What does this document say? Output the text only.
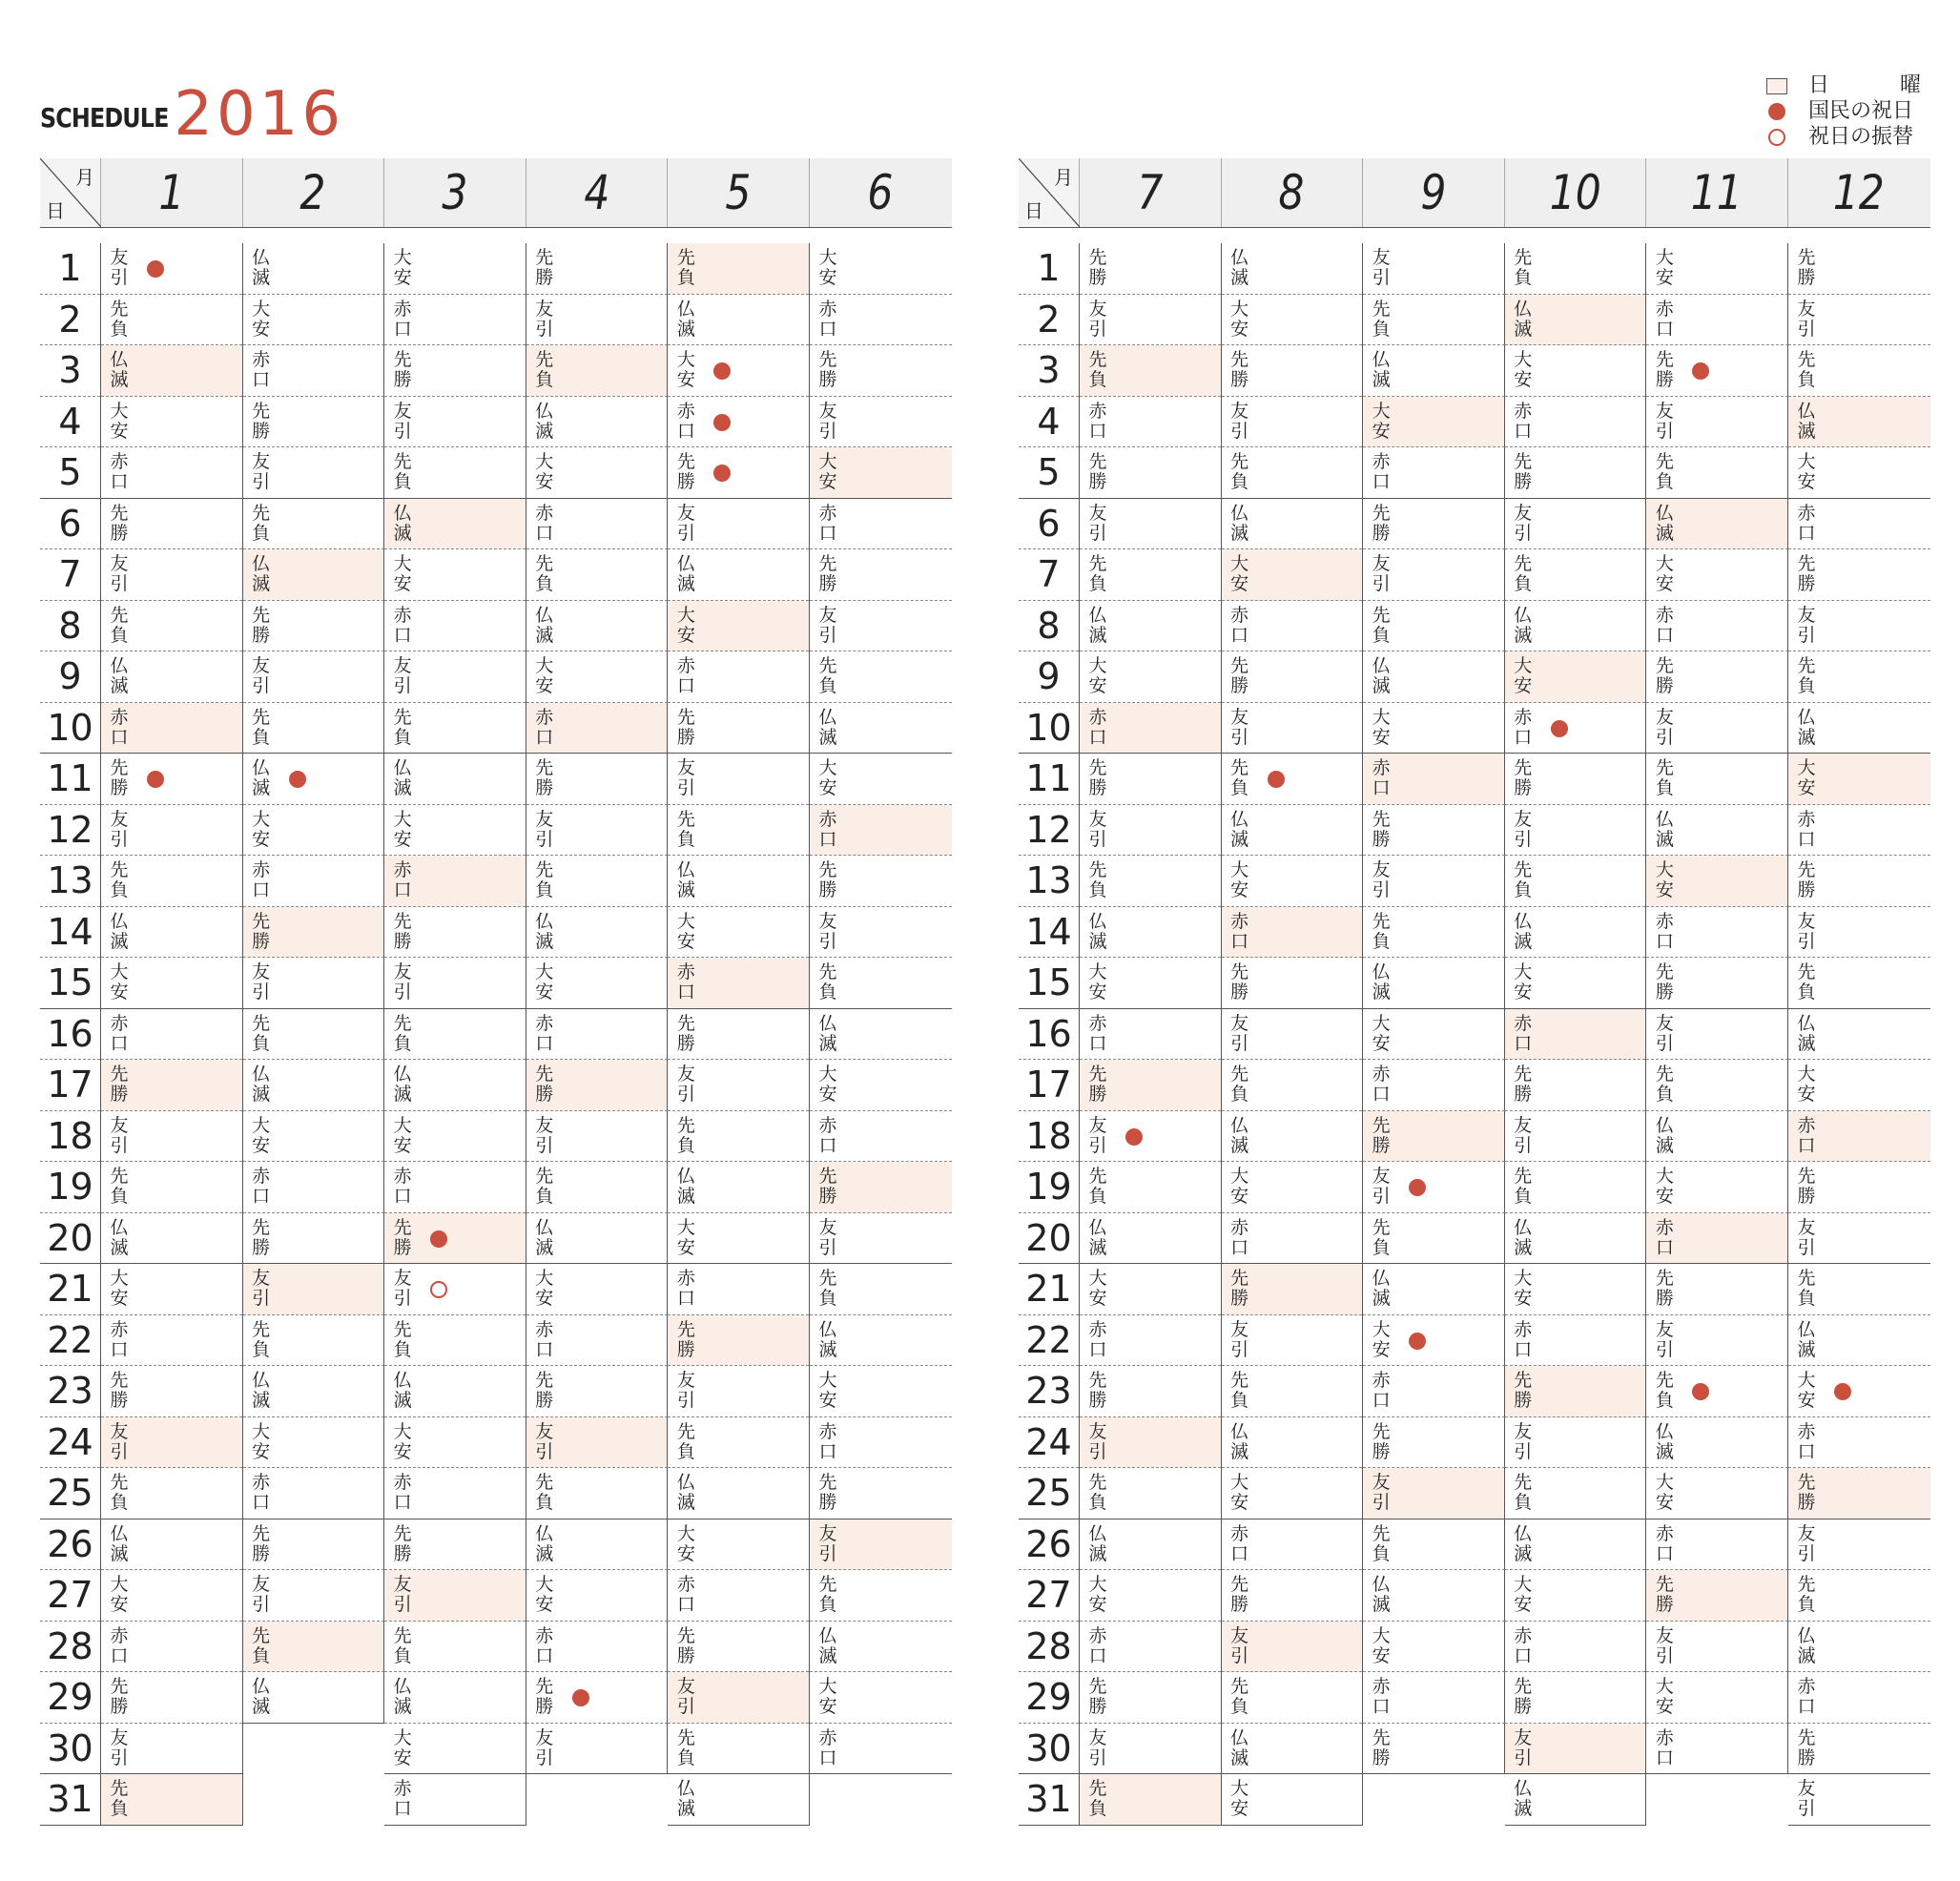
SCHEDULE 2016	日	曜
国民の祝日
祝日の振替
月
日 1 2 3 4 5 6
1
2
3
4
5
6
7
8
9
10
11
12
13
14
15
16
17
18
19
20
21
22
23
24
25
26
27
28
29
30
31
友
引
先
負
仏
滅
大
安
赤
口
先
勝
友
引
先
負
仏
滅
赤
口
先
勝
友
引
先
負
仏
滅
大
安
赤
口
先
勝
友
引
先
負
仏
滅
大
安
赤
口
先
勝
友
引
先
負
仏
滅
大
安
赤
口
先
勝
友
引
先
負
仏
滅
大
安
赤
口
先
勝
友
引
先
負
仏
滅
先
勝
友
引
先
負
仏
滅
大
安
赤
口
先
勝
友
引
先
負
仏
滅
大
安
赤
口
先
勝
友
引
先
負
仏
滅
大
安
赤
口
先
勝
友
引
先
負
仏
滅
大
安
赤
口
先
勝
友
引
先
負
仏
滅
大
安
赤
口
友
引
先
負
仏
滅
大
安
赤
口
先
勝
友
引
先
負
仏
滅
大
安
赤
口
先
勝
友
引
先
負
仏
滅
大
安
赤
口
先
勝
友
引
先
負
仏
滅
大
安
赤
口
先
勝
友
引
先
負
仏
滅
大
安
赤
口
先
負
仏
滅
大
安
赤
口
先
勝
友
引
先
負
仏
滅
大
安
赤
口
先
勝
友
引
先
負
仏
滅
大
安
赤
口
先
勝
友
引
先
負
仏
滅
大
安
赤
口
先
勝
友
引
先
負
仏
滅
大
安
赤
口
先
勝
友
引
仏
滅
大
安
赤
口
先
勝
友
引
先
負
仏
滅
大
安
赤
口
先
勝
友
引
先
負
仏
滅
大
安
赤
口
先
勝
友
引
先
負
仏
滅
大
安
赤
口
先
勝
友
引
先
負
仏
滅
大
安
赤
口
先
勝
友
引
大
安
赤
口
先
勝
友
引
先
負
仏
滅
大
安
赤
口
先
勝
友
引
先
負
仏
滅
大
安
赤
口
先
勝
友
引
先
負
仏
滅
大
安
赤
口
先
勝
友
引
先
負
仏
滅
大
安
赤
口
月
日 7 8 9 10 11 12
1
2
3
4
5
6
7
8
9
10
11
12
13
14
15
16
17
18
19
20
21
22
23
24
25
26
27
28
29
30
31
先
勝
友
引
先
負
赤
口
先
勝
友
引
先
負
仏
滅
大
安
赤
口
先
勝
友
引
先
負
仏
滅
大
安
赤
口
先
勝
友
引
先
負
仏
滅
大
安
赤
口
先
勝
友
引
先
負
仏
滅
大
安
赤
口
先
勝
友
引
先
負
仏
滅
大
安
先
勝
友
引
先
負
仏
滅
大
安
赤
口
先
勝
友
引
先
負
仏
滅
大
安
赤
口
先
勝
友
引
先
負
仏
滅
大
安
赤
口
先
勝
友
引
先
負
仏
滅
大
安
赤
口
先
勝
友
引
先
負
仏
滅
大
安
友
引
先
負
仏
滅
大
安
赤
口
先
勝
友
引
先
負
仏
滅
大
安
赤
口
先
勝
友
引
先
負
仏
滅
大
安
赤
口
先
勝
友
引
先
負
仏
滅
大
安
赤
口
先
勝
友
引
先
負
仏
滅
大
安
赤
口
先
勝
先
負
仏
滅
大
安
赤
口
先
勝
友
引
先
負
仏
滅
大
安
赤
口
先
勝
友
引
先
負
仏
滅
大
安
赤
口
先
勝
友
引
先
負
仏
滅
大
安
赤
口
先
勝
友
引
先
負
仏
滅
大
安
赤
口
先
勝
友
引
仏
滅
大
安
赤
口
先
勝
友
引
先
負
仏
滅
大
安
赤
口
先
勝
友
引
先
負
仏
滅
大
安
赤
口
先
勝
友
引
先
負
仏
滅
大
安
赤
口
先
勝
友
引
先
負
仏
滅
大
安
赤
口
先
勝
友
引
大
安
赤
口
先
勝
友
引
先
負
仏
滅
大
安
赤
口
先
勝
友
引
先
負
仏
滅
大
安
赤
口
先
勝
友
引
先
負
仏
滅
大
安
赤
口
先
勝
友
引
先
負
仏
滅
大
安
赤
口
先
勝
友
引
先
負
仏
滅
赤
口
先
勝
友
引
